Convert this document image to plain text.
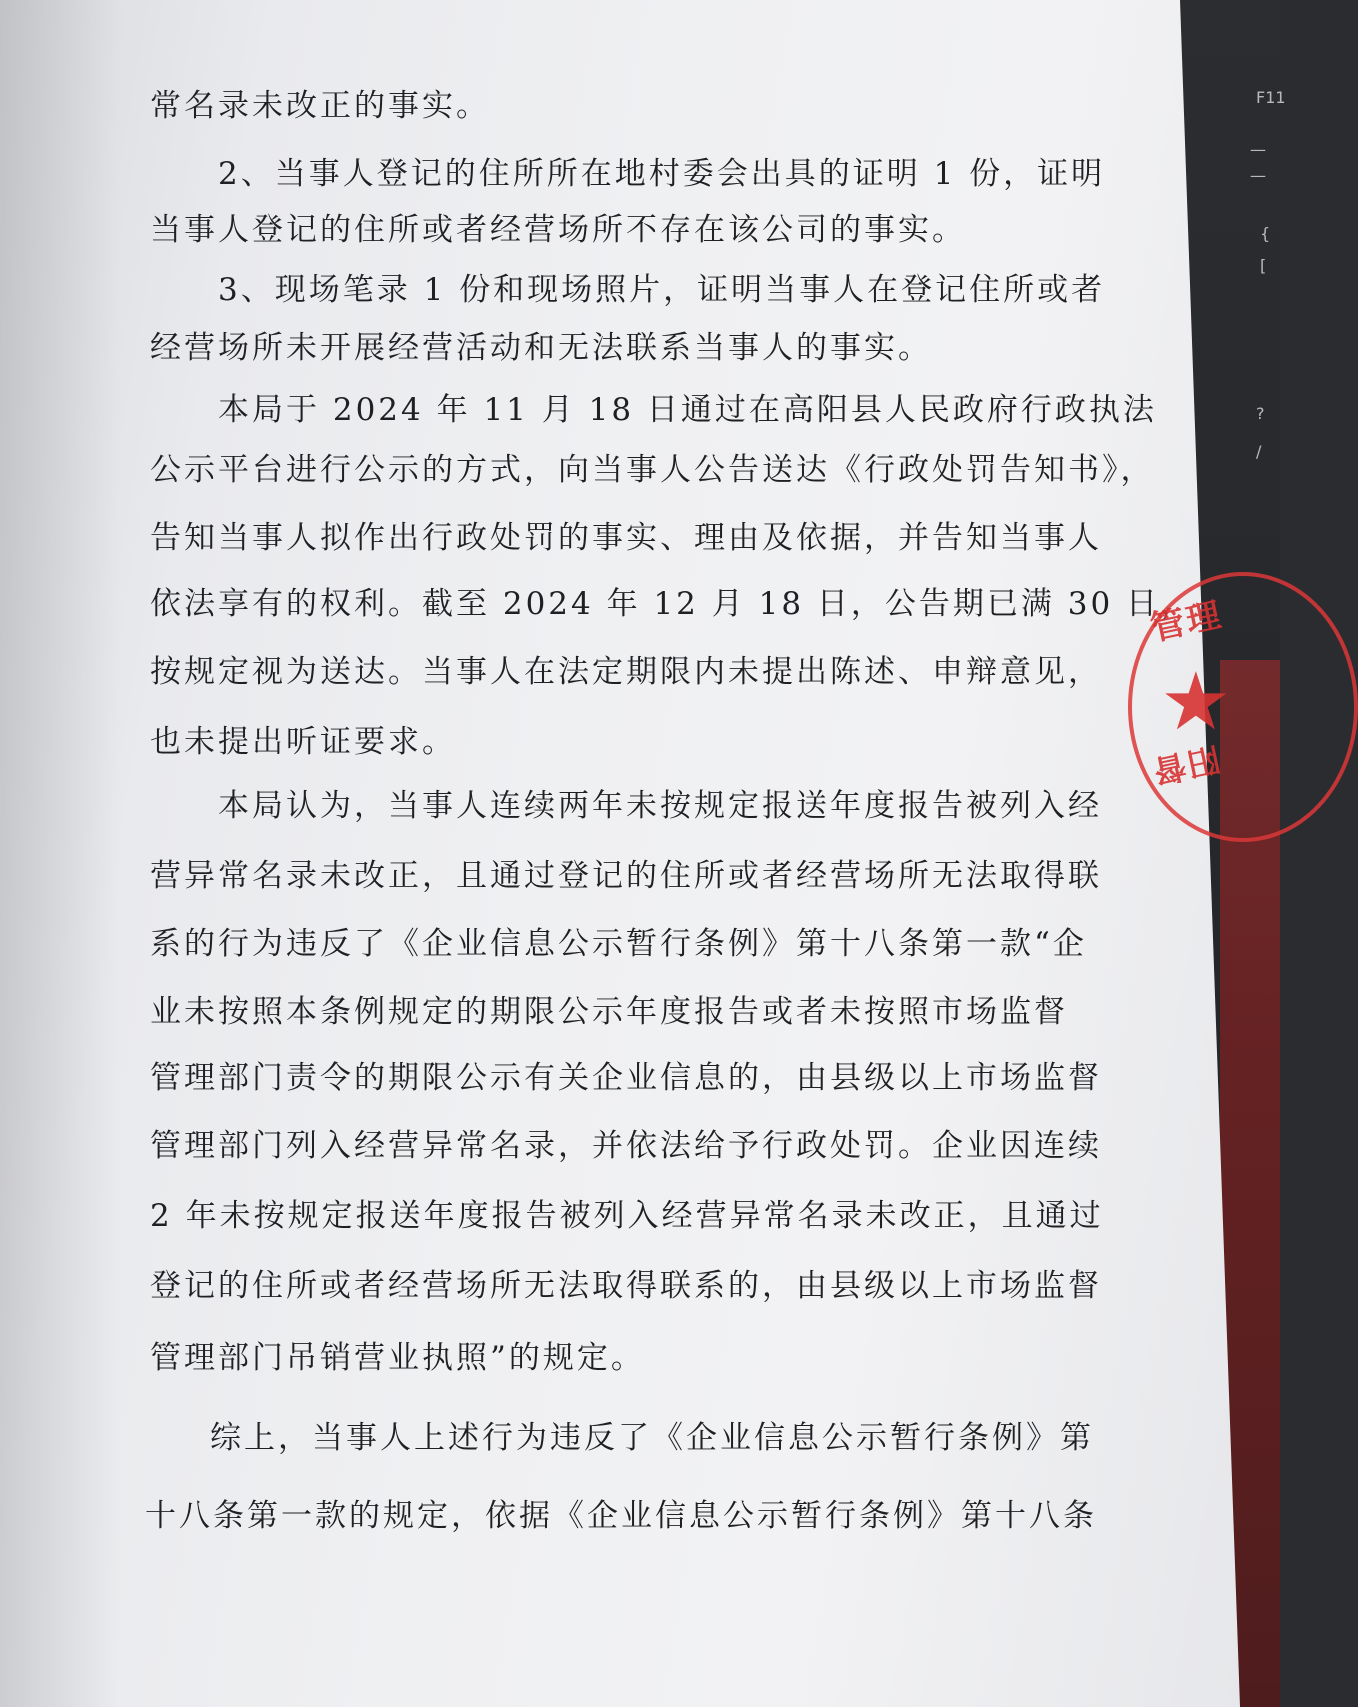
F11
—
—
{
[
?
/
常名录未改正的事实。
2、当事人登记的住所所在地村委会出具的证明 1 份，证明
当事人登记的住所或者经营场所不存在该公司的事实。
3、现场笔录 1 份和现场照片，证明当事人在登记住所或者
经营场所未开展经营活动和无法联系当事人的事实。
本局于 2024 年 11 月 18 日通过在高阳县人民政府行政执法
公示平台进行公示的方式，向当事人公告送达《行政处罚告知书》，
告知当事人拟作出行政处罚的事实、理由及依据，并告知当事人
依法享有的权利。截至 2024 年 12 月 18 日，公告期已满 30 日，
按规定视为送达。当事人在法定期限内未提出陈述、申辩意见，
也未提出听证要求。
本局认为，当事人连续两年未按规定报送年度报告被列入经
营异常名录未改正，且通过登记的住所或者经营场所无法取得联
系的行为违反了《企业信息公示暂行条例》第十八条第一款“企
业未按照本条例规定的期限公示年度报告或者未按照市场监督
管理部门责令的期限公示有关企业信息的，由县级以上市场监督
管理部门列入经营异常名录，并依法给予行政处罚。企业因连续
2 年未按规定报送年度报告被列入经营异常名录未改正，且通过
登记的住所或者经营场所无法取得联系的，由县级以上市场监督
管理部门吊销营业执照”的规定。
综上，当事人上述行为违反了《企业信息公示暂行条例》第
十八条第一款的规定，依据《企业信息公示暂行条例》第十八条
管理
★
阳督
